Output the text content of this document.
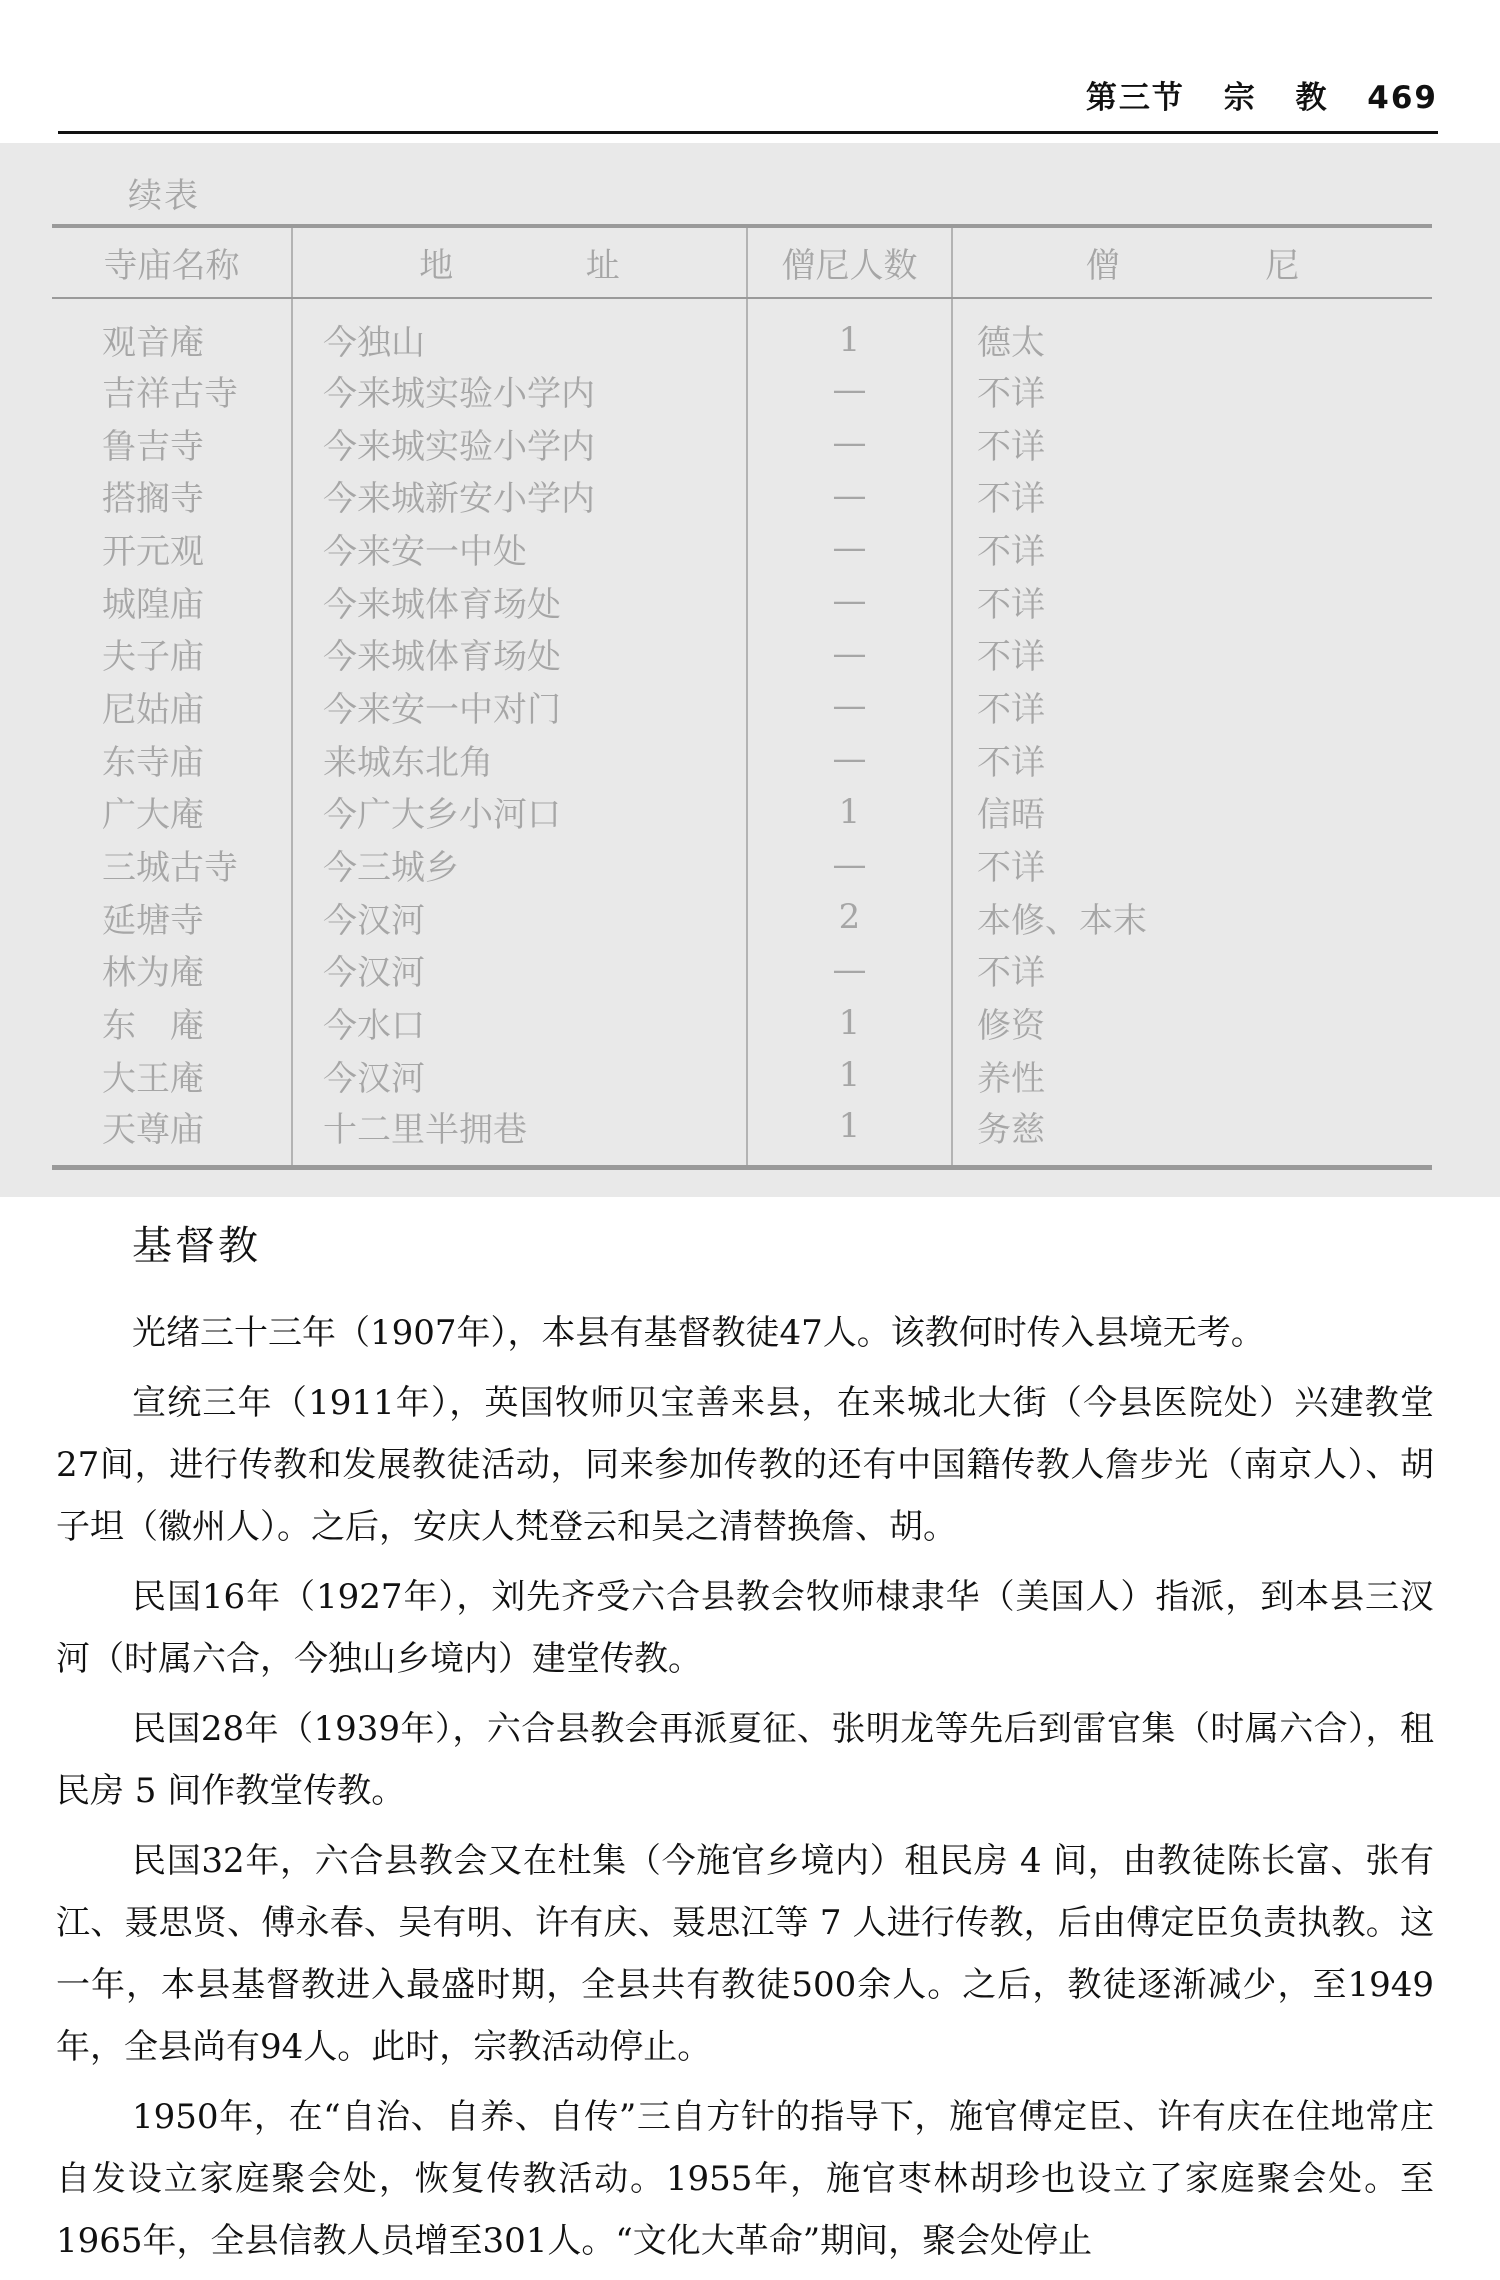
第三节 宗 教 469
续表
寺庙名称	地 址	僧尼人数	僧 尼

观音庵	今独山	1	德太
吉祥古寺	今来城实验小学内	—	不详
鲁吉寺	今来城实验小学内	—	不详
搭搁寺	今来城新安小学内	—	不详
开元观	今来安一中处	—	不详
城隍庙	今来城体育场处	—	不详
夫子庙	今来城体育场处	—	不详
尼姑庙	今来安一中对门	—	不详
东寺庙	来城东北角	—	不详
广大庵	今广大乡小河口	1	信晤
三城古寺	今三城乡	—	不详
延塘寺	今汉河	2	本修、本末
林为庵	今汉河	—	不详
东　庵	今水口	1	修资
大王庵	今汉河	1	养性
天尊庙	十二里半拥巷	1	务慈
基督教

光绪三十三年（1907年），本县有基督教徒47人。该教何时传入县境无考。

宣统三年（1911年），英国牧师贝宝善来县，在来城北大街（今县医院处）兴建教堂27间，进行传教和发展教徒活动，同来参加传教的还有中国籍传教人詹步光（南京人）、胡子坦（徽州人）。之后，安庆人梵登云和吴之清替换詹、胡。

民国16年（1927年），刘先齐受六合县教会牧师棣隶华（美国人）指派，到本县三汊河（时属六合，今独山乡境内）建堂传教。

民国28年（1939年），六合县教会再派夏征、张明龙等先后到雷官集（时属六合），租民房 5 间作教堂传教。

民国32年，六合县教会又在杜集（今施官乡境内）租民房 4 间，由教徒陈长富、张有江、聂思贤、傅永春、吴有明、许有庆、聂思江等 7 人进行传教，后由傅定臣负责执教。这一年，本县基督教进入最盛时期，全县共有教徒500余人。之后，教徒逐渐减少，至1949年，全县尚有94人。此时，宗教活动停止。

1950年，在“自治、自养、自传”三自方针的指导下，施官傅定臣、许有庆在住地常庄自发设立家庭聚会处，恢复传教活动。1955年，施官枣林胡珍也设立了家庭聚会处。至1965年，全县信教人员增至301人。“文化大革命”期间，聚会处停止
